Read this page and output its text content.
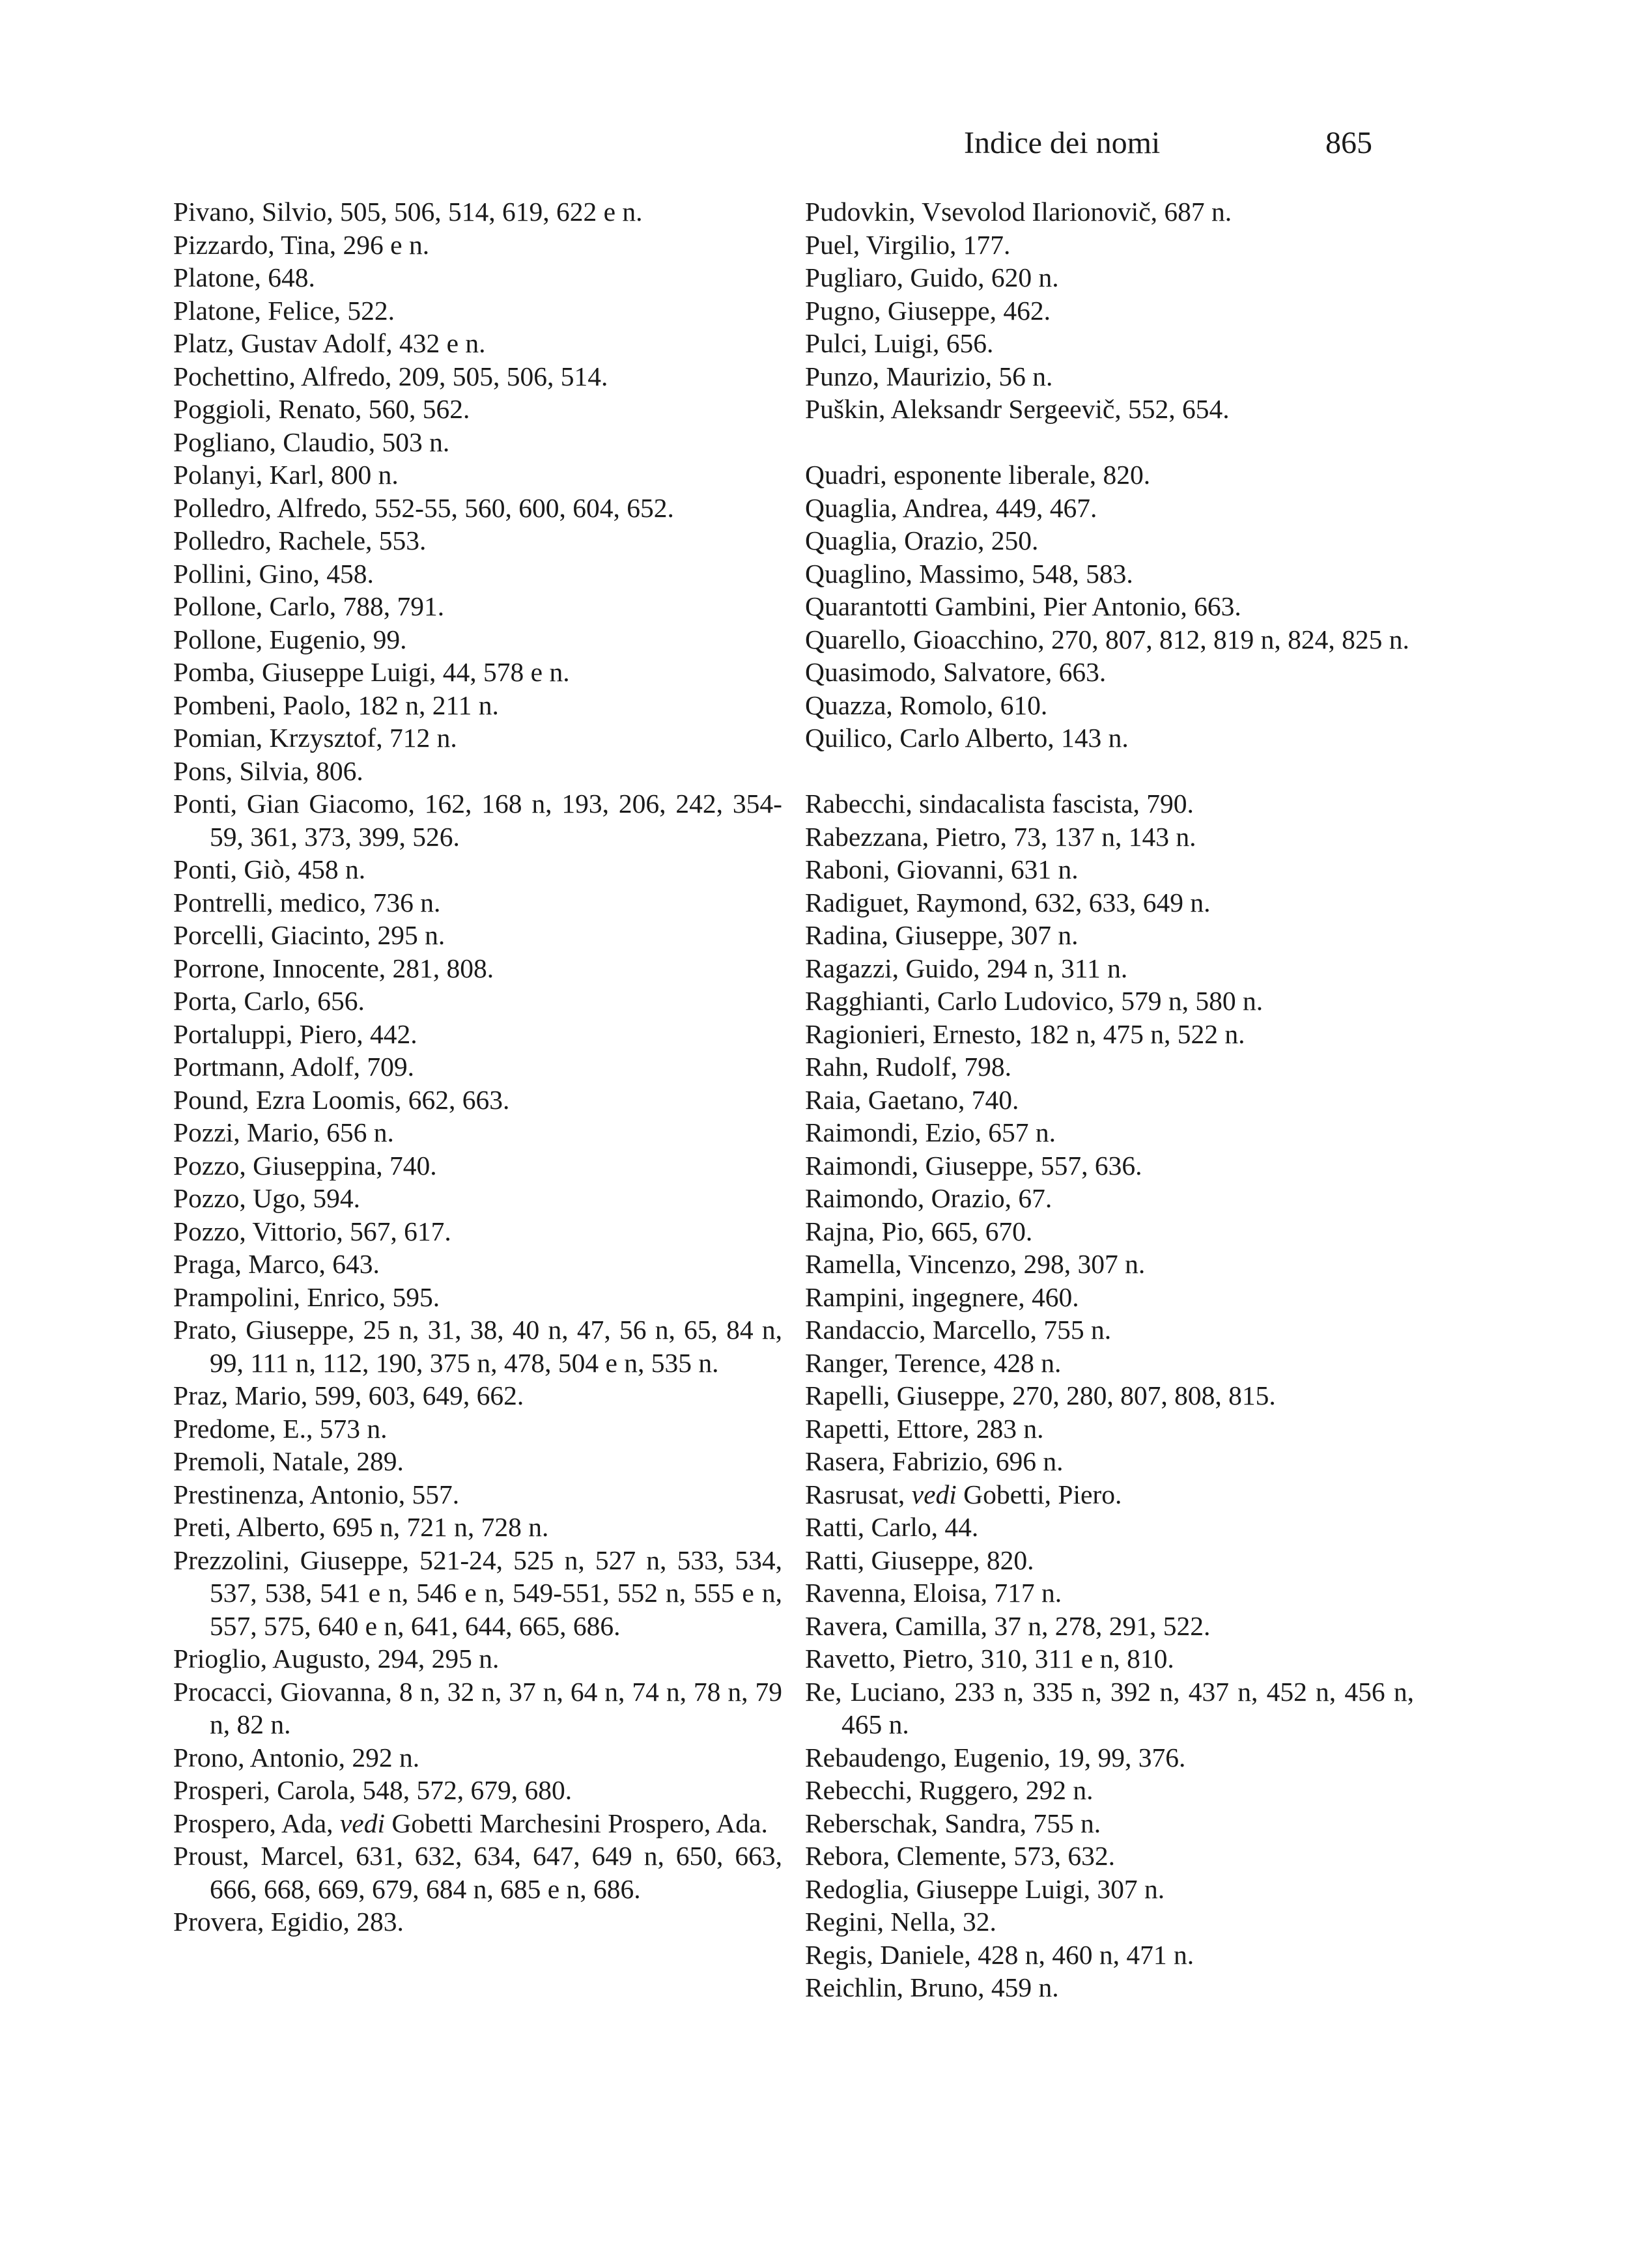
Indice dei nomi	865

Pivano, Silvio, 505, 506, 514, 619, 622 e n.

Pizzardo, Tina, 296 e n.

Platone, 648.

Platone, Felice, 522.

Platz, Gustav Adolf, 432 e n.

Pochettino, Alfredo, 209, 505, 506, 514.

Poggioli, Renato, 560, 562.

Pogliano, Claudio, 503 n.

Polanyi, Karl, 800 n.

Polledro, Alfredo, 552-55, 560, 600, 604, 652.

Polledro, Rachele, 553.

Pollini, Gino, 458.

Pollone, Carlo, 788, 791.

Pollone, Eugenio, 99.

Pomba, Giuseppe Luigi, 44, 578 e n.

Pombeni, Paolo, 182 n, 211 n.

Pomian, Krzysztof, 712 n.

Pons, Silvia, 806.

Ponti, Gian Giacomo, 162, 168 n, 193, 206, 242, 354-59, 361, 373, 399, 526.

Ponti, Giò, 458 n.

Pontrelli, medico, 736 n.

Porcelli, Giacinto, 295 n.

Porrone, Innocente, 281, 808.

Porta, Carlo, 656.

Portaluppi, Piero, 442.

Portmann, Adolf, 709.

Pound, Ezra Loomis, 662, 663.

Pozzi, Mario, 656 n.

Pozzo, Giuseppina, 740.

Pozzo, Ugo, 594.

Pozzo, Vittorio, 567, 617.

Praga, Marco, 643.

Prampolini, Enrico, 595.

Prato, Giuseppe, 25 n, 31, 38, 40 n, 47, 56 n, 65, 84 n, 99, 111 n, 112, 190, 375 n, 478, 504 e n, 535 n.

Praz, Mario, 599, 603, 649, 662.

Predome, E., 573 n.

Premoli, Natale, 289.

Prestinenza, Antonio, 557.

Preti, Alberto, 695 n, 721 n, 728 n.

Prezzolini, Giuseppe, 521-24, 525 n, 527 n, 533, 534, 537, 538, 541 e n, 546 e n, 549-551, 552 n, 555 e n, 557, 575, 640 e n, 641, 644, 665, 686.

Prioglio, Augusto, 294, 295 n.

Procacci, Giovanna, 8 n, 32 n, 37 n, 64 n, 74 n, 78 n, 79 n, 82 n.

Prono, Antonio, 292 n.

Prosperi, Carola, 548, 572, 679, 680.

Prospero, Ada, vedi Gobetti Marchesini Prospero, Ada.

Proust, Marcel, 631, 632, 634, 647, 649 n, 650, 663, 666, 668, 669, 679, 684 n, 685 e n, 686.

Provera, Egidio, 283.

Pudovkin, Vsevolod Ilarionovič, 687 n.

Puel, Virgilio, 177.

Pugliaro, Guido, 620 n.

Pugno, Giuseppe, 462.

Pulci, Luigi, 656.

Punzo, Maurizio, 56 n.

Puškin, Aleksandr Sergeevič, 552, 654.

Quadri, esponente liberale, 820.

Quaglia, Andrea, 449, 467.

Quaglia, Orazio, 250.

Quaglino, Massimo, 548, 583.

Quarantotti Gambini, Pier Antonio, 663.

Quarello, Gioacchino, 270, 807, 812, 819 n, 824, 825 n.

Quasimodo, Salvatore, 663.

Quazza, Romolo, 610.

Quilico, Carlo Alberto, 143 n.

Rabecchi, sindacalista fascista, 790.

Rabezzana, Pietro, 73, 137 n, 143 n.

Raboni, Giovanni, 631 n.

Radiguet, Raymond, 632, 633, 649 n.

Radina, Giuseppe, 307 n.

Ragazzi, Guido, 294 n, 311 n.

Ragghianti, Carlo Ludovico, 579 n, 580 n.

Ragionieri, Ernesto, 182 n, 475 n, 522 n.

Rahn, Rudolf, 798.

Raia, Gaetano, 740.

Raimondi, Ezio, 657 n.

Raimondi, Giuseppe, 557, 636.

Raimondo, Orazio, 67.

Rajna, Pio, 665, 670.

Ramella, Vincenzo, 298, 307 n.

Rampini, ingegnere, 460.

Randaccio, Marcello, 755 n.

Ranger, Terence, 428 n.

Rapelli, Giuseppe, 270, 280, 807, 808, 815.

Rapetti, Ettore, 283 n.

Rasera, Fabrizio, 696 n.

Rasrusat, vedi Gobetti, Piero.

Ratti, Carlo, 44.

Ratti, Giuseppe, 820.

Ravenna, Eloisa, 717 n.

Ravera, Camilla, 37 n, 278, 291, 522.

Ravetto, Pietro, 310, 311 e n, 810.

Re, Luciano, 233 n, 335 n, 392 n, 437 n, 452 n, 456 n, 465 n.

Rebaudengo, Eugenio, 19, 99, 376.

Rebecchi, Ruggero, 292 n.

Reberschak, Sandra, 755 n.

Rebora, Clemente, 573, 632.

Redoglia, Giuseppe Luigi, 307 n.

Regini, Nella, 32.

Regis, Daniele, 428 n, 460 n, 471 n.

Reichlin, Bruno, 459 n.
